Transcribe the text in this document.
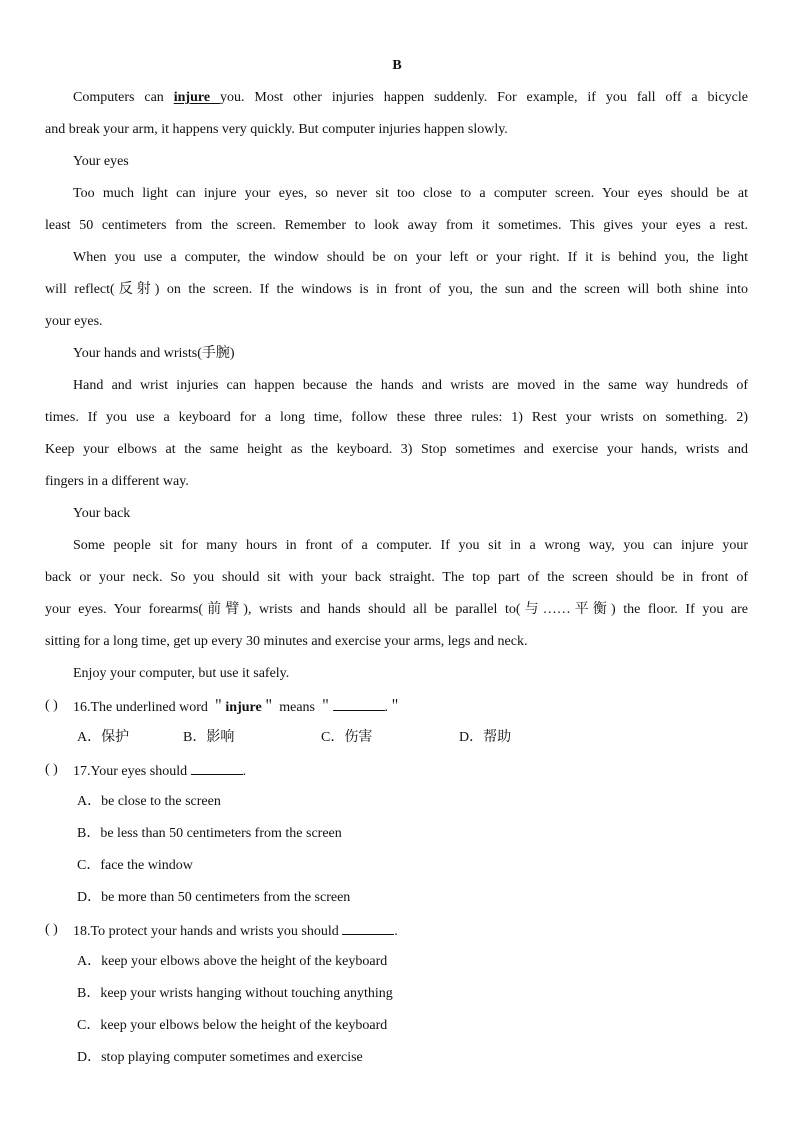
B
Computers can injure you. Most other injuries happen suddenly. For example, if you fall off a bicycle
and break your arm, it happens very quickly. But computer injuries happen slowly.
Your eyes
Too much light can injure your eyes, so never sit too close to a computer screen. Your eyes should be at
least 50 centimeters from the screen. Remember to look away from it sometimes. This gives your eyes a rest.
When you use a computer, the window should be on your left or your right. If it is behind you, the light
will reflect(反射) on the screen. If the windows is in front of you, the sun and the screen will both shine into
your eyes.
Your hands and wrists(手腕)
Hand and wrist injuries can happen because the hands and wrists are moved in the same way hundreds of
times. If you use a keyboard for a long time, follow these three rules: 1) Rest your wrists on something. 2)
Keep your elbows at the same height as the keyboard. 3) Stop sometimes and exercise your hands, wrists and
fingers in a different way.
Your back
Some people sit for many hours in front of a computer. If you sit in a wrong way, you can injure your
back or your neck. So you should sit with your back straight. The top part of the screen should be in front of
your eyes. Your forearms(前臂), wrists and hands should all be parallel to(与……平衡) the floor. If you are
sitting for a long time, get up every 30 minutes and exercise your arms, legs and neck.
Enjoy your computer, but use it safely.
( ) 16.The underlined word ＂injure＂ means ＂	.＂
A．保护	B．影响	C．伤害	D．帮助
( ) 17.Your eyes should	.
A．be close to the screen
B．be less than 50 centimeters from the screen
C．face the window
D．be more than 50 centimeters from the screen
( ) 18.To protect your hands and wrists you should	.
A．keep your elbows above the height of the keyboard
B．keep your wrists hanging without touching anything
C．keep your elbows below the height of the keyboard
D．stop playing computer sometimes and exercise
